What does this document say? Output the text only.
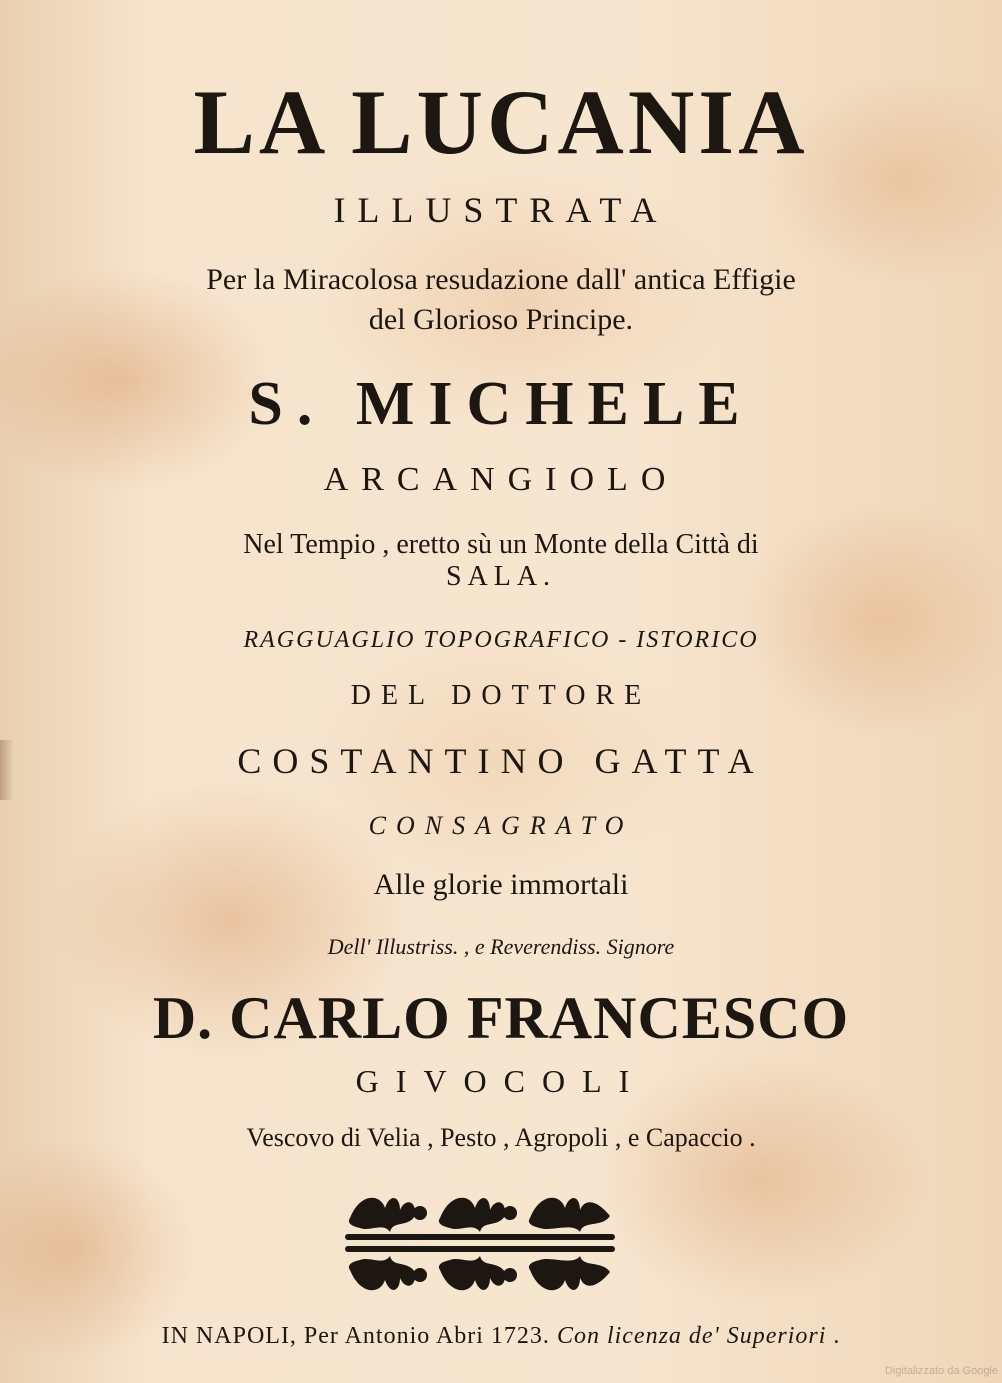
LA LUCANIA
ILLUSTRATA
Per la Miracolosa resudazione dall' antica Effigie
del Glorioso Principe.
S. MICHELE
ARCANGIOLO
Nel Tempio , eretto sù un Monte della Città di
SALA.
RAGGUAGLIO TOPOGRAFICO - ISTORICO
DEL DOTTORE
COSTANTINO GATTA
CONSAGRATO
Alle glorie immortali
Dell' Illustriss. , e Reverendiss. Signore
D. CARLO FRANCESCO
GIVOCOLI
Vescovo di Velia , Pesto , Agropoli , e Capaccio .
IN NAPOLI, Per Antonio Abri 1723. Con licenza de' Superiori .
Digitalizzato da Google
